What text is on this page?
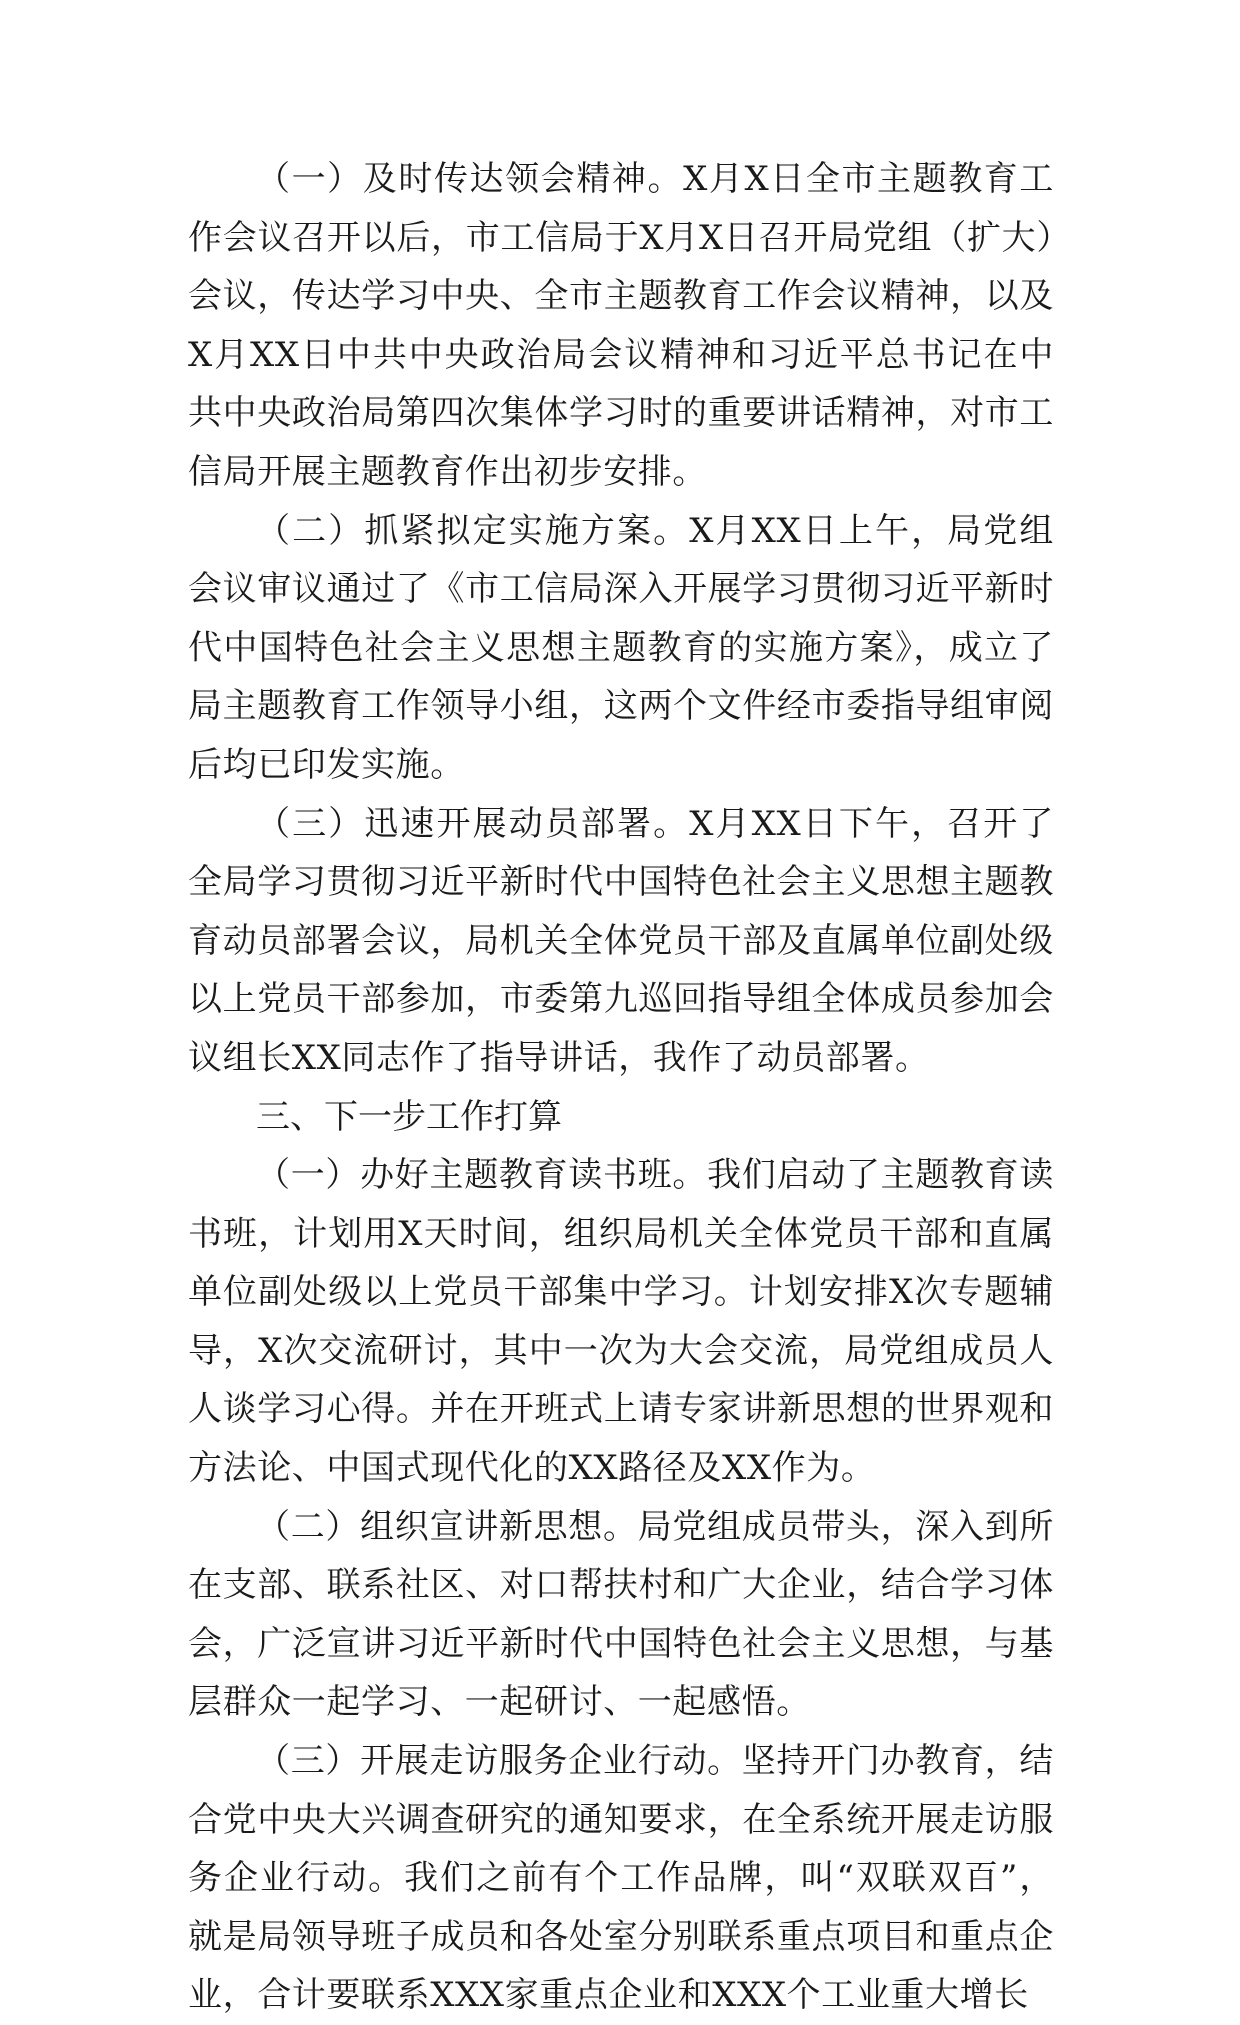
（一）及时传达领会精神。X月X日全市主题教育工作会议召开以后，市工信局于X月X日召开局党组（扩大）会议，传达学习中央、全市主题教育工作会议精神，以及X月XX日中共中央政治局会议精神和习近平总书记在中共中央政治局第四次集体学习时的重要讲话精神，对市工信局开展主题教育作出初步安排。

（二）抓紧拟定实施方案。X月XX日上午，局党组会议审议通过了《市工信局深入开展学习贯彻习近平新时代中国特色社会主义思想主题教育的实施方案》，成立了局主题教育工作领导小组，这两个文件经市委指导组审阅后均已印发实施。

（三）迅速开展动员部署。X月XX日下午，召开了全局学习贯彻习近平新时代中国特色社会主义思想主题教育动员部署会议，局机关全体党员干部及直属单位副处级以上党员干部参加，市委第九巡回指导组全体成员参加会议组长XX同志作了指导讲话，我作了动员部署。

三、下一步工作打算

（一）办好主题教育读书班。我们启动了主题教育读书班，计划用X天时间，组织局机关全体党员干部和直属单位副处级以上党员干部集中学习。计划安排X次专题辅导，X次交流研讨，其中一次为大会交流，局党组成员人人谈学习心得。并在开班式上请专家讲新思想的世界观和方法论、中国式现代化的XX路径及XX作为。

（二）组织宣讲新思想。局党组成员带头，深入到所在支部、联系社区、对口帮扶村和广大企业，结合学习体会，广泛宣讲习近平新时代中国特色社会主义思想，与基层群众一起学习、一起研讨、一起感悟。

（三）开展走访服务企业行动。坚持开门办教育，结合党中央大兴调查研究的通知要求，在全系统开展走访服务企业行动。我们之前有个工作品牌，叫“双联双百”，就是局领导班子成员和各处室分别联系重点项目和重点企业，合计要联系XXX家重点企业和XXX个工业重大增长
